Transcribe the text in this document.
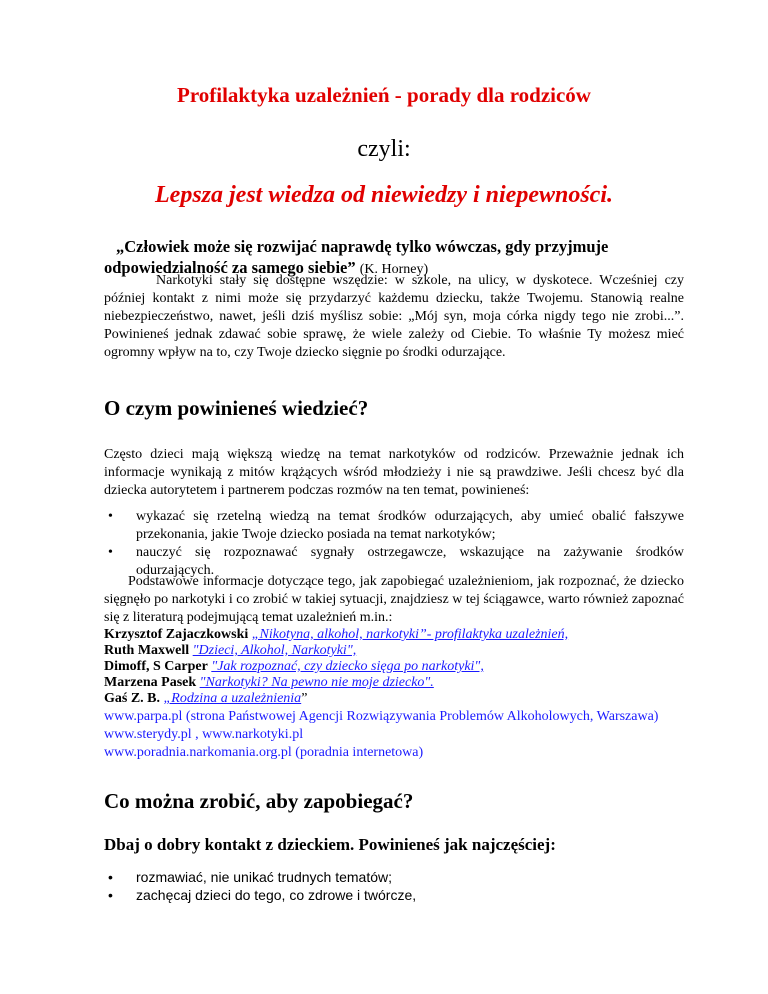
Profilaktyka uzależnień - porady dla rodziców
czyli:
Lepsza jest wiedza od niewiedzy i niepewności.
„Człowiek może się rozwijać naprawdę tylko wówczas, gdy przyjmuje
odpowiedzialność za samego siebie” (K. Horney)
Narkotyki stały się dostępne wszędzie: w szkole, na ulicy, w dyskotece. Wcześniej czy później kontakt z nimi może się przydarzyć każdemu dziecku, także Twojemu. Stanowią realne niebezpieczeństwo, nawet, jeśli dziś myślisz sobie: „Mój syn, moja córka nigdy tego nie zrobi...”. Powinieneś jednak zdawać sobie sprawę, że wiele zależy od Ciebie. To właśnie Ty możesz mieć ogromny wpływ na to, czy Twoje dziecko sięgnie po środki odurzające.
O czym powinieneś wiedzieć?
Często dzieci mają większą wiedzę na temat narkotyków od rodziców. Przeważnie jednak ich informacje wynikają z mitów krążących wśród młodzieży i nie są prawdziwe. Jeśli chcesz być dla dziecka autorytetem i partnerem podczas rozmów na ten temat, powinieneś:
• wykazać się rzetelną wiedzą na temat środków odurzających, aby umieć obalić fałszywe przekonania, jakie Twoje dziecko posiada na temat narkotyków;
• nauczyć się rozpoznawać sygnały ostrzegawcze, wskazujące na zażywanie środków odurzających.
Podstawowe informacje dotyczące tego, jak zapobiegać uzależnieniom, jak rozpoznać, że dziecko sięgnęło po narkotyki i co zrobić w takiej sytuacji, znajdziesz w tej ściągawce, warto również zapoznać się z literaturą podejmującą temat uzależnień m.in.:
Krzysztof Zajaczkowski „Nikotyna, alkohol, narkotyki”- profilaktyka uzależnień,
Ruth Maxwell "Dzieci, Alkohol, Narkotyki",
Dimoff, S Carper "Jak rozpoznać, czy dziecko sięga po narkotyki",
Marzena Pasek "Narkotyki? Na pewno nie moje dziecko".
Gaś Z. B. „Rodzina a uzależnienia”
www.parpa.pl (strona Państwowej Agencji Rozwiązywania Problemów Alkoholowych, Warszawa)
www.sterydy.pl , www.narkotyki.pl
www.poradnia.narkomania.org.pl (poradnia internetowa)
Co można zrobić, aby zapobiegać?
Dbaj o dobry kontakt z dzieckiem. Powinieneś jak najczęściej:
• rozmawiać, nie unikać trudnych tematów;
• zachęcaj dzieci do tego, co zdrowe i twórcze,
